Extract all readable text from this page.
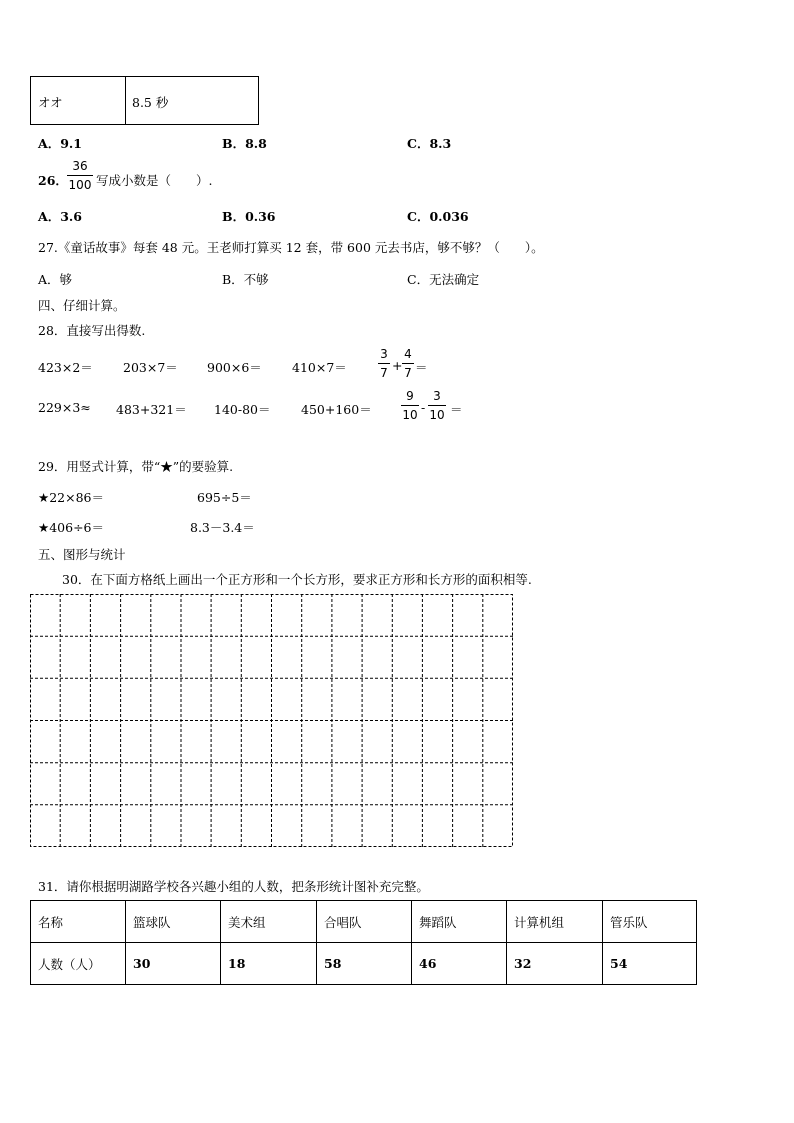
オオ	8.5 秒
A．9.1	B．8.8	C．8.3
26．
36
100 写成小数是（　　）.
A．3.6	B．0.36	C．0.036
27.《童话故事》每套 48 元。王老师打算买 12 套，带 600 元去书店，够不够？（　　）。
A．够	B．不够	C．无法确定
四、仔细计算。
28．直接写出得数.
423×2＝ 203×7＝ 900×6＝ 410×7＝
3
7 +
4
7 ＝
229×3≈ 483+321＝ 140-80＝ 450+160＝
9
10 -
3
10 ＝
29．用竖式计算，带“★”的要验算.
★22×86＝	695÷5＝
★406÷6＝	8.3－3.4＝
五、图形与统计
30．在下面方格纸上画出一个正方形和一个长方形，要求正方形和长方形的面积相等.
31．请你根据明湖路学校各兴趣小组的人数，把条形统计图补充完整。
名称	篮球队	美术组	合唱队	舞蹈队	计算机组	管乐队
人数（人）	30	18	58	46	32	54
